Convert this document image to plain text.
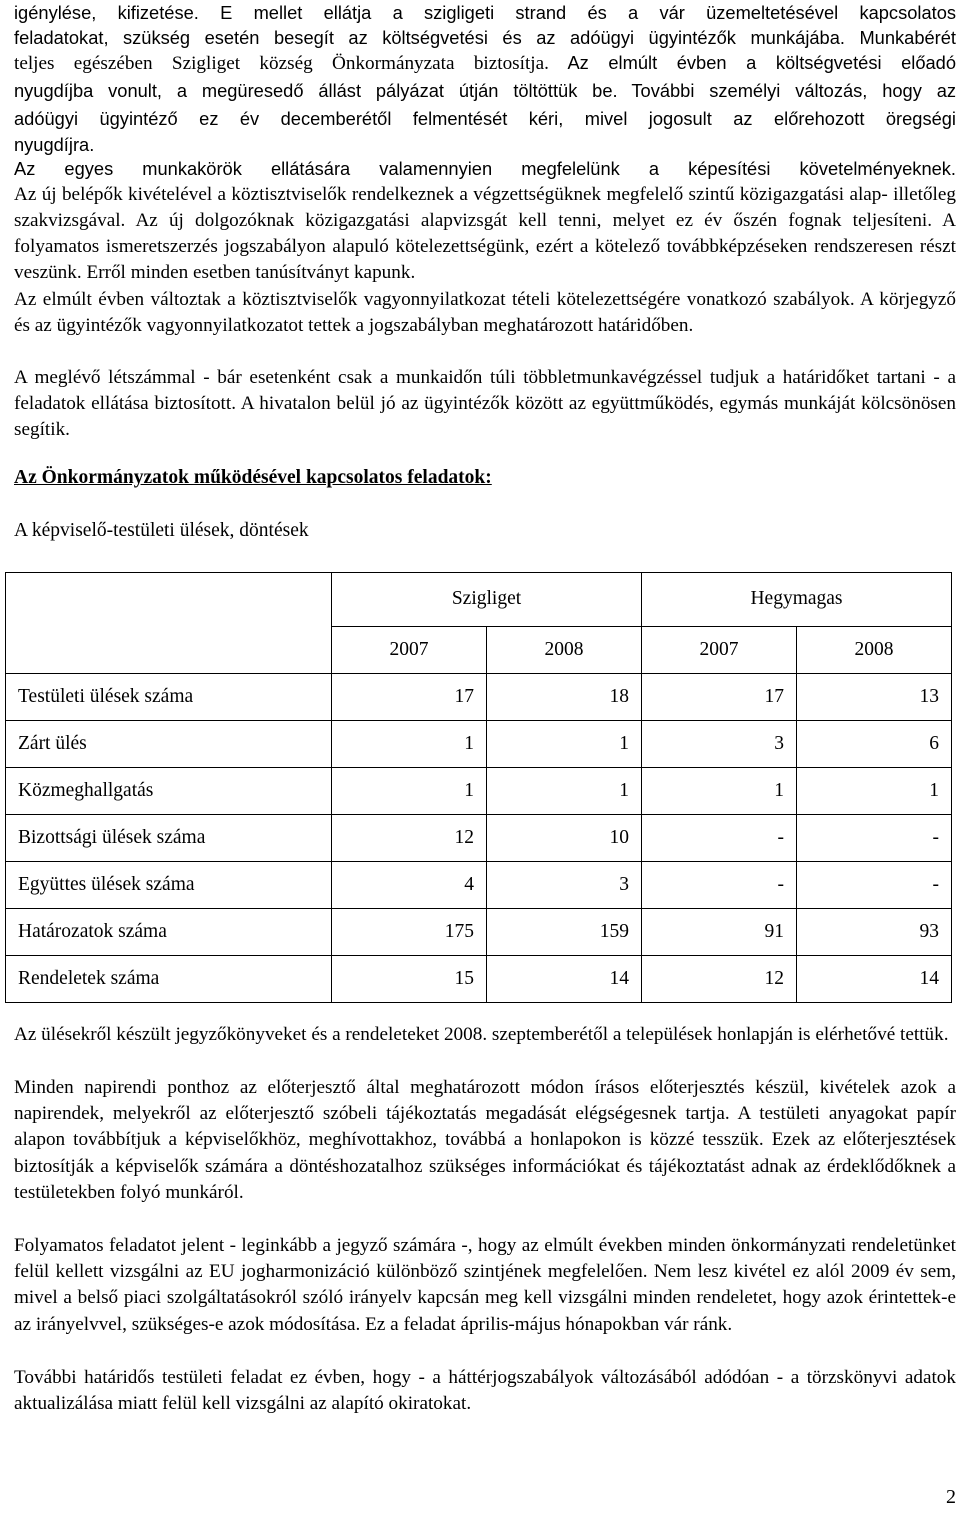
igénylése, kifizetése. E mellet ellátja a szigligeti strand és a vár üzemeltetésével kapcsolatos
feladatokat, szükség esetén besegít az költségvetési és az adóügyi ügyintézők munkájába. Munkabérét
teljes egészében Szigliget község Önkormányzata biztosítja. Az elmúlt évben a költségvetési előadó
nyugdíjba vonult, a megüresedő állást pályázat útján töltöttük be. További személyi változás, hogy az
adóügyi ügyintéző ez év decemberétől felmentését kéri, mivel jogosult az előrehozott öregségi
nyugdíjra.
Az egyes munkakörök ellátására valamennyien megfelelünk a képesítési követelményeknek.

Az új belépők kivételével a köztisztviselők rendelkeznek a végzettségüknek megfelelő szintű közigazgatási alap- illetőleg szakvizsgával. Az új dolgozóknak közigazgatási alapvizsgát kell tenni, melyet ez év őszén fognak teljesíteni. A folyamatos ismeretszerzés jogszabályon alapuló kötelezettségünk, ezért a kötelező továbbképzéseken rendszeresen részt veszünk. Erről minden esetben tanúsítványt kapunk.

Az elmúlt évben változtak a köztisztviselők vagyonnyilatkozat tételi kötelezettségére vonatkozó szabályok. A körjegyző és az ügyintézők vagyonnyilatkozatot tettek a jogszabályban meghatározott határidőben.

A meglévő létszámmal - bár esetenként csak a munkaidőn túli többletmunkavégzéssel tudjuk a határidőket tartani - a feladatok ellátása biztosított. A hivatalon belül jó az ügyintézők között az együttműködés, egymás munkáját kölcsönösen segítik.

Az Önkormányzatok működésével kapcsolatos feladatok:

A képviselő-testületi ülések, döntések

	Szigliget		Hegymagas	
	2007	2008	2007	2008
Testületi ülések száma	17	18	17	13
Zárt ülés	1	1	3	6
Közmeghallgatás	1	1	1	1
Bizottsági ülések száma	12	10	-	-
Együttes ülések száma	4	3	-	-
Határozatok száma	175	159	91	93
Rendeletek száma	15	14	12	14

Az ülésekről készült jegyzőkönyveket és a rendeleteket 2008. szeptemberétől a települések honlapján is elérhetővé tettük.

Minden napirendi ponthoz az előterjesztő által meghatározott módon írásos előterjesztés készül, kivételek azok a napirendek, melyekről az előterjesztő szóbeli tájékoztatás megadását elégségesnek tartja. A testületi anyagokat papír alapon továbbítjuk a képviselőkhöz, meghívottakhoz, továbbá a honlapokon is közzé tesszük. Ezek az előterjesztések biztosítják a képviselők számára a döntéshozatalhoz szükséges információkat és tájékoztatást adnak az érdeklődőknek a testületekben folyó munkáról.

Folyamatos feladatot jelent - leginkább a jegyző számára -, hogy az elmúlt években minden önkormányzati rendeletünket felül kellett vizsgálni az EU jogharmonizáció különböző szintjének megfelelően. Nem lesz kivétel ez alól 2009 év sem, mivel a belső piaci szolgáltatásokról szóló irányelv kapcsán meg kell vizsgálni minden rendeletet, hogy azok érintettek-e az irányelvvel, szükséges-e azok módosítása. Ez a feladat április-május hónapokban vár ránk.

További határidős testületi feladat ez évben, hogy - a háttérjogszabályok változásából adódóan - a törzskönyvi adatok aktualizálása miatt felül kell vizsgálni az alapító okiratokat.

2
